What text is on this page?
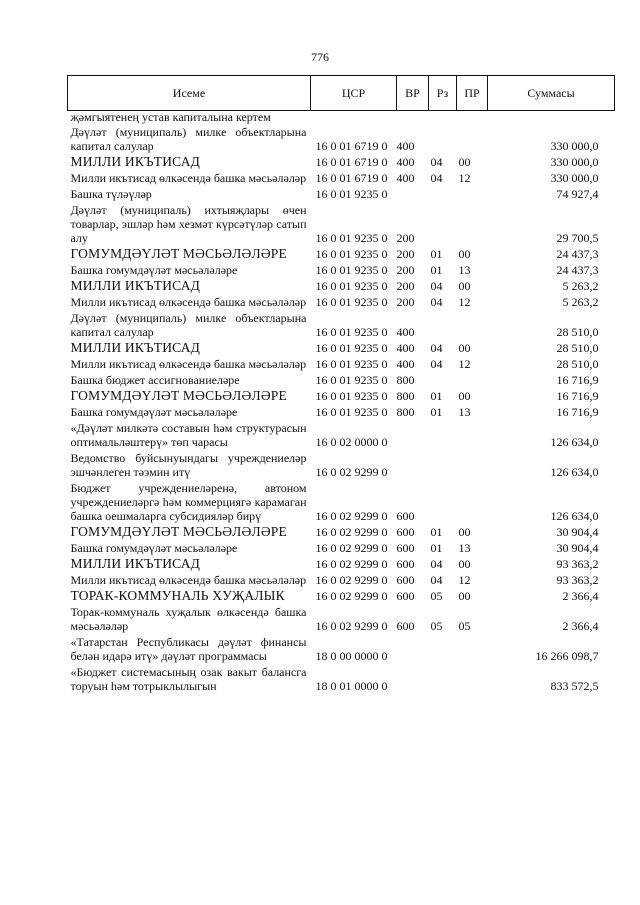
776
Исеме	ЦСР	ВР	Рз	ПР	Суммасы
җәмгыятенең устав капиталына кертем					
Дәүләт (муниципаль) милке объектларына капитал салулар	16 0 01 6719 0	400			330 000,0
МИЛЛИ ИКЪТИСАД	16 0 01 6719 0	400	04	00	330 000,0
Милли икътисад өлкәсендә башка мәсьәләләр	16 0 01 6719 0	400	04	12	330 000,0
Башка түләүләр	16 0 01 9235 0				74 927,4
Дәүләт (муниципаль) ихтыяҗлары өчен товарлар, эшләр һәм хезмәт күрсәтүләр сатып алу	16 0 01 9235 0	200			29 700,5
ГОМУМДӘҮЛӘТ МӘСЬӘЛӘЛӘРЕ	16 0 01 9235 0	200	01	00	24 437,3
Башка гомумдәүләт мәсьәләләре	16 0 01 9235 0	200	01	13	24 437,3
МИЛЛИ ИКЪТИСАД	16 0 01 9235 0	200	04	00	5 263,2
Милли икътисад өлкәсендә башка мәсьәләләр	16 0 01 9235 0	200	04	12	5 263,2
Дәүләт (муниципаль) милке объектларына капитал салулар	16 0 01 9235 0	400			28 510,0
МИЛЛИ ИКЪТИСАД	16 0 01 9235 0	400	04	00	28 510,0
Милли икътисад өлкәсендә башка мәсьәләләр	16 0 01 9235 0	400	04	12	28 510,0
Башка бюджет ассигнованиеләре	16 0 01 9235 0	800			16 716,9
ГОМУМДӘҮЛӘТ МӘСЬӘЛӘЛӘРЕ	16 0 01 9235 0	800	01	00	16 716,9
Башка гомумдәүләт мәсьәләләре	16 0 01 9235 0	800	01	13	16 716,9
«Дәүләт милкәтә составын һәм структурасын оптимальләштерү» төп чарасы	16 0 02 0000 0				126 634,0
Ведомство буйсынуындагы учреждениеләр эшчәнлеген тәэмин итү	16 0 02 9299 0				126 634,0
Бюджет учреждениеләренә, автоном учреждениеләргә һәм коммерциягә карамаган башка оешмаларга субсидияләр бирү	16 0 02 9299 0	600			126 634,0
ГОМУМДӘҮЛӘТ МӘСЬӘЛӘЛӘРЕ	16 0 02 9299 0	600	01	00	30 904,4
Башка гомумдәүләт мәсьәләләре	16 0 02 9299 0	600	01	13	30 904,4
МИЛЛИ ИКЪТИСАД	16 0 02 9299 0	600	04	00	93 363,2
Милли икътисад өлкәсендә башка мәсьәләләр	16 0 02 9299 0	600	04	12	93 363,2
ТОРАК-КОММУНАЛЬ ХУҖАЛЫК	16 0 02 9299 0	600	05	00	2 366,4
Торак-коммуналь хуҗалык өлкәсендә башка мәсьәләләр	16 0 02 9299 0	600	05	05	2 366,4
«Татарстан Республикасы дәүләт финансы белән идарә итү» дәүләт программасы	18 0 00 0000 0				16 266 098,7
«Бюджет системасының озак вакыт балансга торуын һәм тотрыклылыгын	18 0 01 0000 0				833 572,5
